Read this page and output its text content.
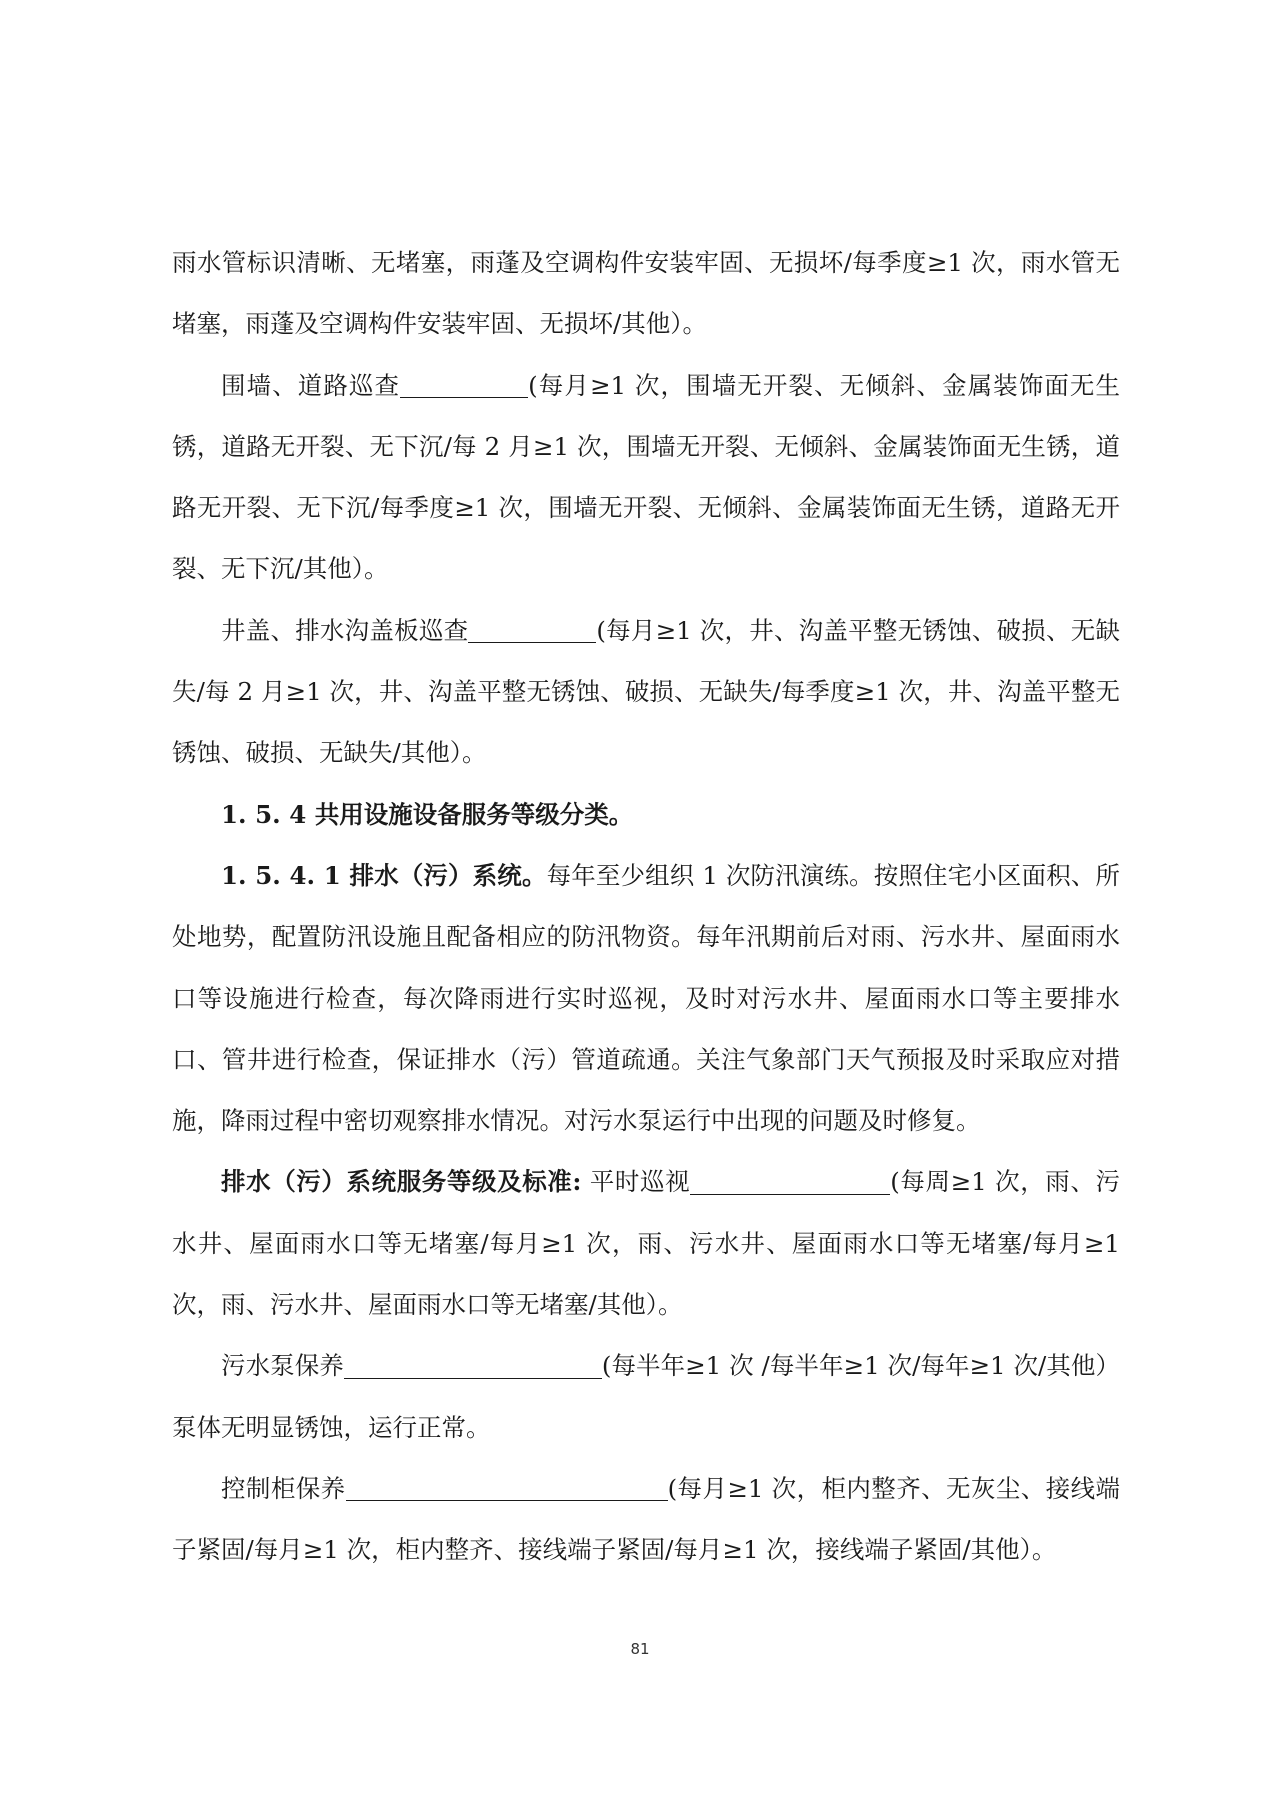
雨水管标识清晰、无堵塞，雨蓬及空调构件安装牢固、无损坏/每季度≥1 次，雨水管无堵塞，雨蓬及空调构件安装牢固、无损坏/其他）。

围墙、道路巡查	(每月≥1 次，围墙无开裂、无倾斜、金属装饰面无生锈，道路无开裂、无下沉/每 2 月≥1 次，围墙无开裂、无倾斜、金属装饰面无生锈，道路无开裂、无下沉/每季度≥1 次，围墙无开裂、无倾斜、金属装饰面无生锈，道路无开裂、无下沉/其他）。

井盖、排水沟盖板巡查	(每月≥1 次，井、沟盖平整无锈蚀、破损、无缺失/每 2 月≥1 次，井、沟盖平整无锈蚀、破损、无缺失/每季度≥1 次，井、沟盖平整无锈蚀、破损、无缺失/其他）。

1. 5. 4 共用设施设备服务等级分类。

1. 5. 4. 1 排水（污）系统。每年至少组织 1 次防汛演练。按照住宅小区面积、所处地势，配置防汛设施且配备相应的防汛物资。每年汛期前后对雨、污水井、屋面雨水口等设施进行检查，每次降雨进行实时巡视，及时对污水井、屋面雨水口等主要排水口、管井进行检查，保证排水（污）管道疏通。关注气象部门天气预报及时采取应对措施，降雨过程中密切观察排水情况。对污水泵运行中出现的问题及时修复。

排水（污）系统服务等级及标准: 平时巡视	(每周≥1 次，雨、污水井、屋面雨水口等无堵塞/每月≥1 次，雨、污水井、屋面雨水口等无堵塞/每月≥1 次，雨、污水井、屋面雨水口等无堵塞/其他）。

污水泵保养	(每半年≥1 次 /每半年≥1 次/每年≥1 次/其他）泵体无明显锈蚀，运行正常。

控制柜保养	(每月≥1 次，柜内整齐、无灰尘、接线端子紧固/每月≥1 次，柜内整齐、接线端子紧固/每月≥1 次，接线端子紧固/其他）。

81
